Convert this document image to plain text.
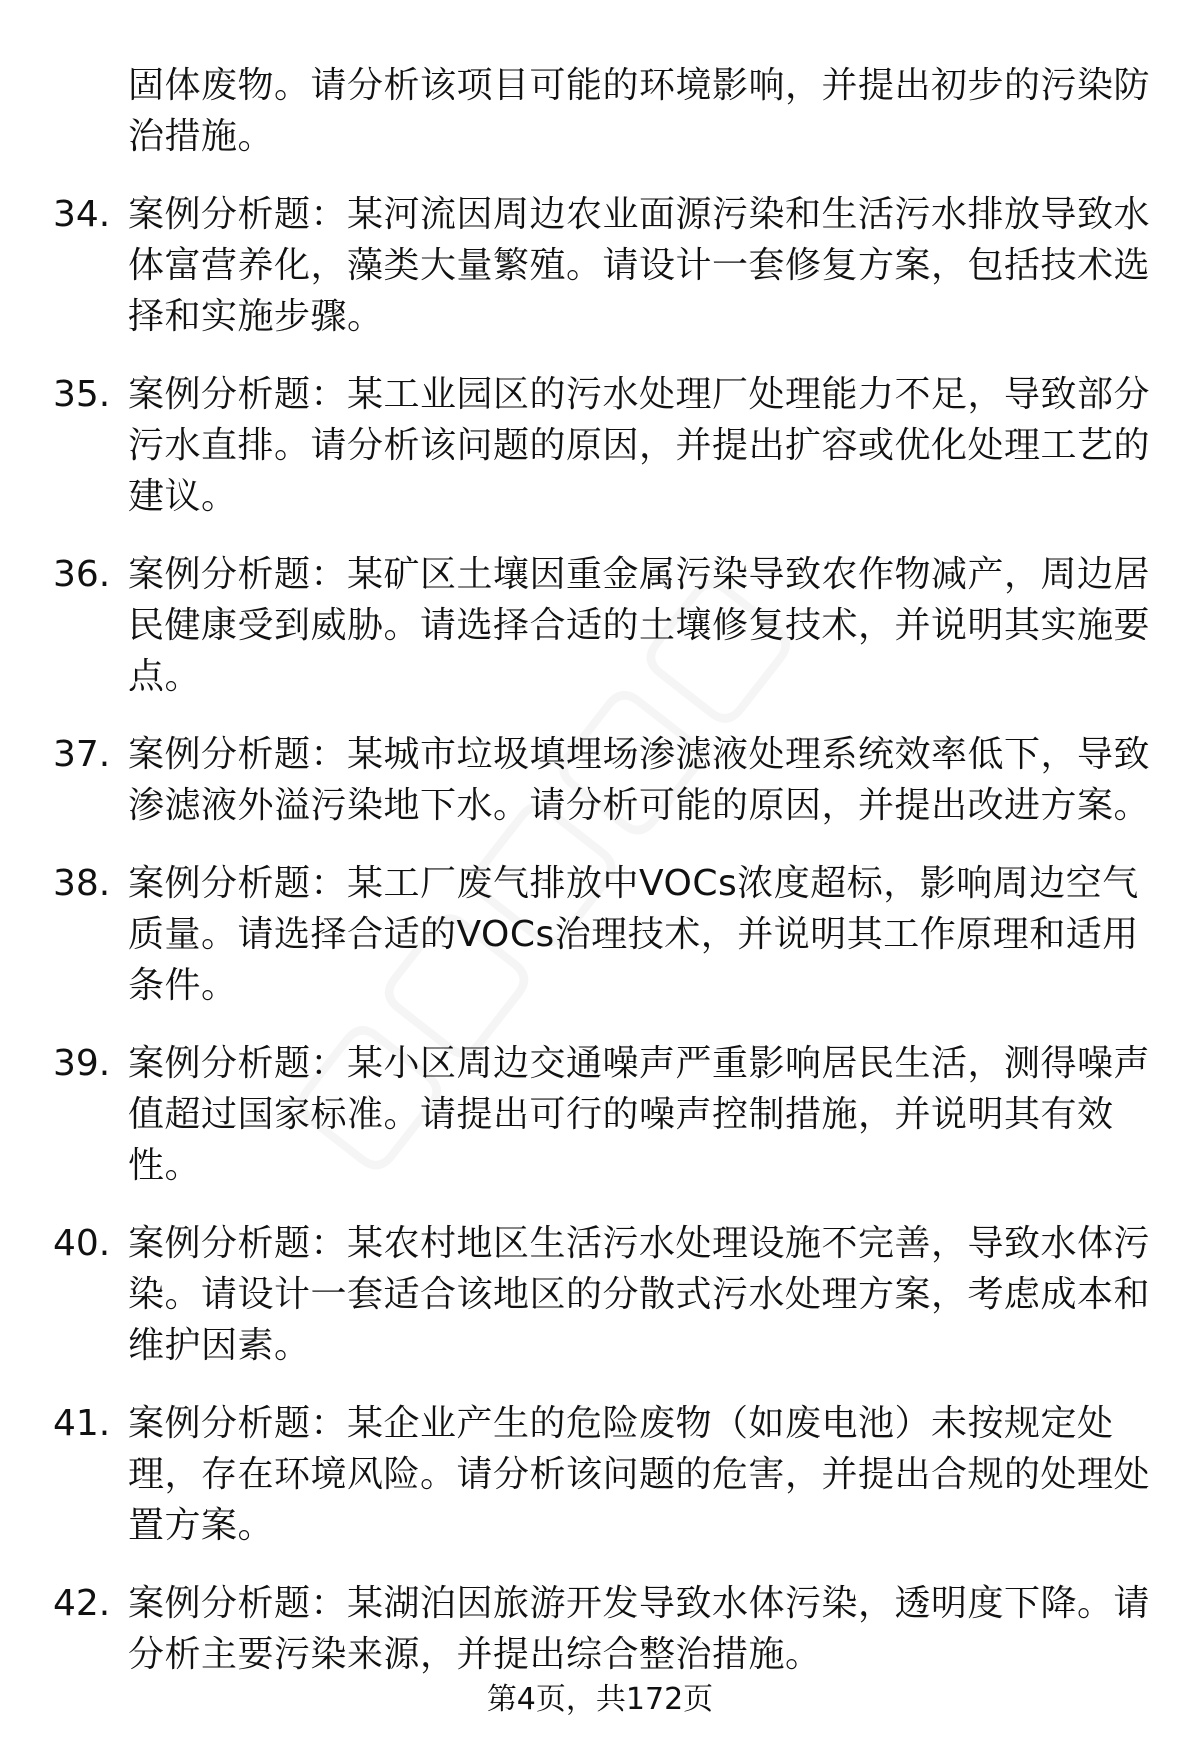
固体废物。请分析该项目可能的环境影响，并提出初步的污染防
治措施。
34. 案例分析题：某河流因周边农业面源污染和生活污水排放导致水
体富营养化，藻类大量繁殖。请设计一套修复方案，包括技术选
择和实施步骤。
35. 案例分析题：某工业园区的污水处理厂处理能力不足，导致部分
污水直排。请分析该问题的原因，并提出扩容或优化处理工艺的
建议。
36. 案例分析题：某矿区土壤因重金属污染导致农作物减产，周边居
民健康受到威胁。请选择合适的土壤修复技术，并说明其实施要
点。
37. 案例分析题：某城市垃圾填埋场渗滤液处理系统效率低下，导致
渗滤液外溢污染地下水。请分析可能的原因，并提出改进方案。
38. 案例分析题：某工厂废气排放中VOCs浓度超标，影响周边空气
质量。请选择合适的VOCs治理技术，并说明其工作原理和适用
条件。
39. 案例分析题：某小区周边交通噪声严重影响居民生活，测得噪声
值超过国家标准。请提出可行的噪声控制措施，并说明其有效
性。
40. 案例分析题：某农村地区生活污水处理设施不完善，导致水体污
染。请设计一套适合该地区的分散式污水处理方案，考虑成本和
维护因素。
41. 案例分析题：某企业产生的危险废物（如废电池）未按规定处
理，存在环境风险。请分析该问题的危害，并提出合规的处理处
置方案。
42. 案例分析题：某湖泊因旅游开发导致水体污染，透明度下降。请
分析主要污染来源，并提出综合整治措施。
第4页，共172页
